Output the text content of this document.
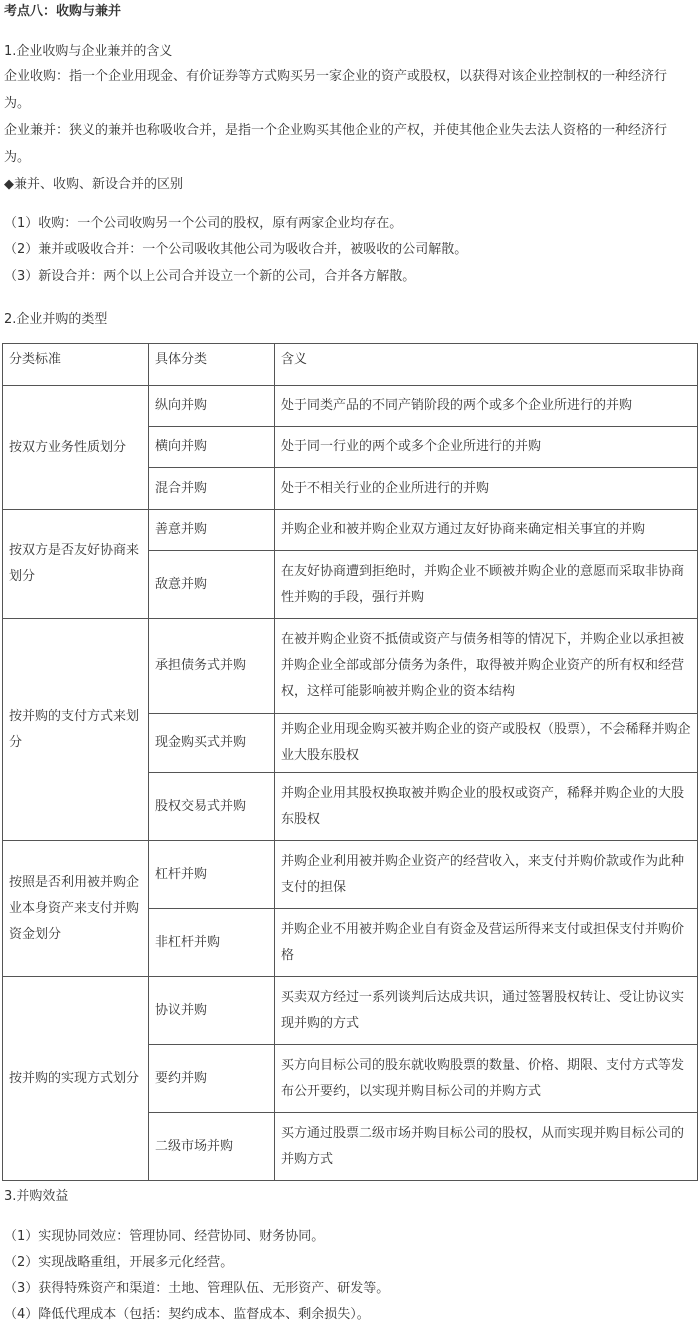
考点八：收购与兼并
1.企业收购与企业兼并的含义
企业收购：指一个企业用现金、有价证券等方式购买另一家企业的资产或股权，以获得对该企业控制权的一种经济行
为。
企业兼并：狭义的兼并也称吸收合并，是指一个企业购买其他企业的产权，并使其他企业失去法人资格的一种经济行
为。
◆兼并、收购、新设合并的区别
（1）收购：一个公司收购另一个公司的股权，原有两家企业均存在。
（2）兼并或吸收合并：一个公司吸收其他公司为吸收合并，被吸收的公司解散。
（3）新设合并：两个以上公司合并设立一个新的公司，合并各方解散。
2.企业并购的类型
分类标准	具体分类	含义
按双方业务性质划分	纵向并购	处于同类产品的不同产销阶段的两个或多个企业所进行的并购
	横向并购	处于同一行业的两个或多个企业所进行的并购
	混合并购	处于不相关行业的企业所进行的并购
按双方是否友好协商来划分	善意并购	并购企业和被并购企业双方通过友好协商来确定相关事宜的并购
	敌意并购	在友好协商遭到拒绝时，并购企业不顾被并购企业的意愿而采取非协商性并购的手段，强行并购
按并购的支付方式来划分	承担债务式并购	在被并购企业资不抵债或资产与债务相等的情况下，并购企业以承担被并购企业全部或部分债务为条件，取得被并购企业资产的所有权和经营权，这样可能影响被并购企业的资本结构
	现金购买式并购	并购企业用现金购买被并购企业的资产或股权（股票），不会稀释并购企业大股东股权
	股权交易式并购	并购企业用其股权换取被并购企业的股权或资产，稀释并购企业的大股东股权
按照是否利用被并购企业本身资产来支付并购资金划分	杠杆并购	并购企业利用被并购企业资产的经营收入，来支付并购价款或作为此种支付的担保
	非杠杆并购	并购企业不用被并购企业自有资金及营运所得来支付或担保支付并购价格
按并购的实现方式划分	协议并购	买卖双方经过一系列谈判后达成共识，通过签署股权转让、受让协议实现并购的方式
	要约并购	买方向目标公司的股东就收购股票的数量、价格、期限、支付方式等发布公开要约，以实现并购目标公司的并购方式
	二级市场并购	买方通过股票二级市场并购目标公司的股权，从而实现并购目标公司的并购方式
3.并购效益
（1）实现协同效应：管理协同、经营协同、财务协同。
（2）实现战略重组，开展多元化经营。
（3）获得特殊资产和渠道：土地、管理队伍、无形资产、研发等。
（4）降低代理成本（包括：契约成本、监督成本、剩余损失）。
